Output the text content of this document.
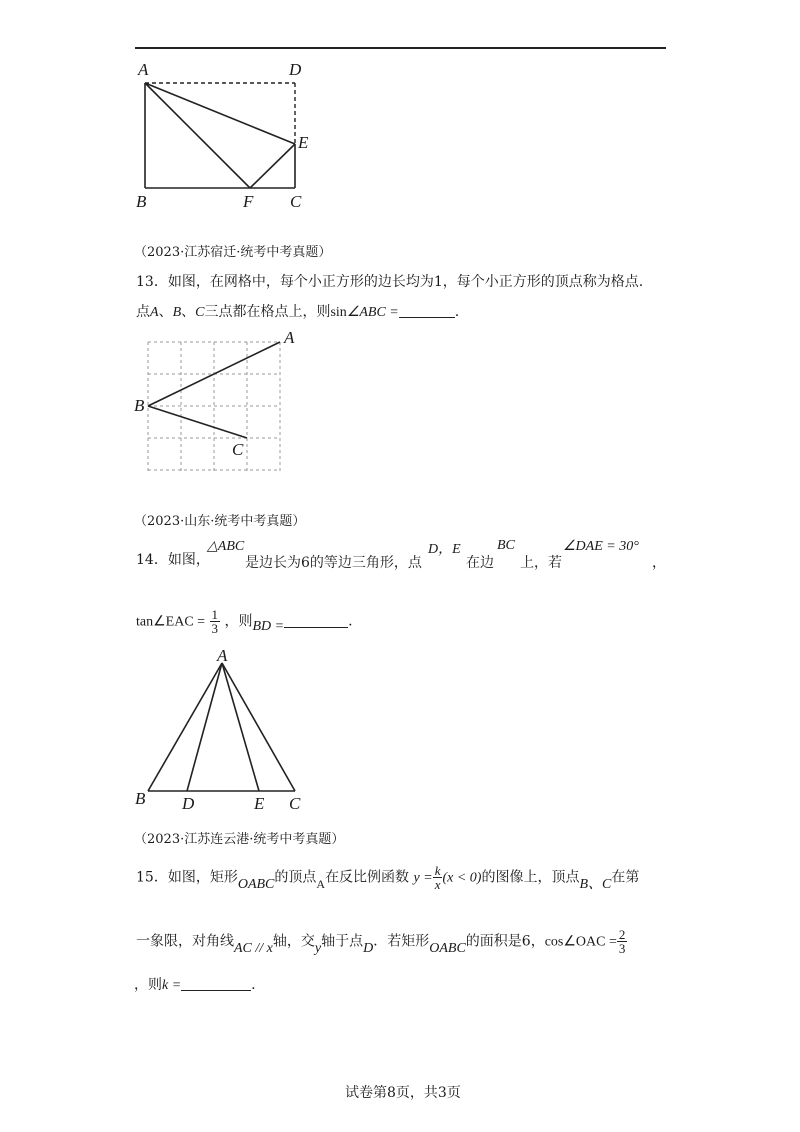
A	D
E
B	F C
（2023·江苏宿迁·统考中考真题）
13．如图，在网格中，每个小正方形的边长均为1，每个小正方形的顶点称为格点.
点A、B、C三点都在格点上，则sin∠ABC =	.
A
B
C
（2023·山东·统考中考真题）
14．如图，
△ABC
是边长为6的等边三角形，点
D，E
在边
BC
上，若
∠DAE = 30°
，
tan∠EAC = $\frac{1}{3}$ ，则BD =	.
A
B D	E C
（2023·江苏连云港·统考中考真题）
15．如图，矩形OABC的顶点A在反比例函数 $y = \frac{k}{x} (x < 0)$的图像上，顶点B、C在第
一象限，对角线AC // x轴，交y轴于点D．若矩形OABC的面积是6，cos∠OAC = $\frac{2}{3}$
，则k =	.
试卷第8页，共3页
